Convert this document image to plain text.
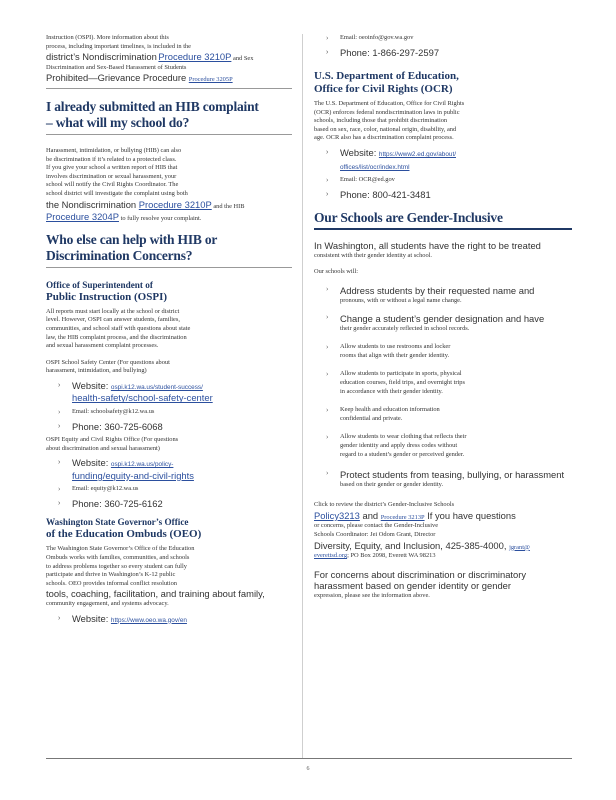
Instruction (OSPI). More information about this
process, including important timelines, is included in the
district’s Nondiscrimination Procedure 3210P and Sex
Discrimination and Sex-Based Harassment of Students
Prohibited—Grievance Procedure Procedure 3205P
I already submitted an HIB complaint
– what will my school do?
Harassment, intimidation, or bullying (HIB) can also
be discrimination if it’s related to a protected class.
If you give your school a written report of HIB that
involves discrimination or sexual harassment, your
school will notify the Civil Rights Coordinator. The
school district will investigate the complaint using both
the Nondiscrimination Procedure 3210P and the HIB
Procedure 3204P to fully resolve your complaint.
Who else can help with HIB or
Discrimination Concerns?
Office of Superintendent of
Public Instruction (OSPI)
All reports must start locally at the school or district
level. However, OSPI can answer students, families,
communities, and school staff with questions about state
law, the HIB complaint process, and the discrimination
and sexual harassment complaint processes.
OSPI School Safety Center (For questions about
harassment, intimidation, and bullying)
› Website: ospi.k12.wa.us/student-success/
health-safety/school-safety-center
› Email: schoolsafety@k12.wa.us
› Phone: 360-725-6068
OSPI Equity and Civil Rights Office (For questions
about discrimination and sexual harassment)
› Website: ospi.k12.wa.us/policy-
funding/equity-and-civil-rights
› Email: equity@k12.wa.us
› Phone: 360-725-6162
Washington State Governor’s Office
of the Education Ombuds (OEO)
The Washington State Governor’s Office of the Education
Ombuds works with families, communities, and schools
to address problems together so every student can fully
participate and thrive in Washington’s K-12 public
schools. OEO provides informal conflict resolution
tools, coaching, facilitation, and training about family,
community engagement, and systems advocacy.
› Website: https://www.oeo.wa.gov/en
› Email: oeoinfo@gov.wa.gov
› Phone: 1-866-297-2597
U.S. Department of Education,
Office for Civil Rights (OCR)
The U.S. Department of Education, Office for Civil Rights
(OCR) enforces federal nondiscrimination laws in public
schools, including those that prohibit discrimination
based on sex, race, color, national origin, disability, and
age. OCR also has a discrimination complaint process.
› Website: https://www2.ed.gov/about/
offices/list/ocr/index.html
› Email: OCR@ed.gov
› Phone: 800-421-3481
Our Schools are Gender-Inclusive
In Washington, all students have the right to be treated
consistent with their gender identity at school.
Our schools will:
› Address students by their requested name and
pronouns, with or without a legal name change.
› Change a student’s gender designation and have
their gender accurately reflected in school records.
› Allow students to use restrooms and locker
rooms that align with their gender identity.
› Allow students to participate in sports, physical
education courses, field trips, and overnight trips
in accordance with their gender identity.
› Keep health and education information
confidential and private.
› Allow students to wear clothing that reflects their
gender identity and apply dress codes without
regard to a student’s gender or perceived gender.
› Protect students from teasing, bullying, or harassment
based on their gender or gender identity.
Click to review the district’s Gender-Inclusive Schools
Policy3213 and Procedure 3213P If you have questions
or concerns, please contact the Gender-Inclusive
Schools Coordinator: Jei Odom Grant, Director
Diversity, Equity, and Inclusion, 425-385-4000, jgrant@
everettsd.org; PO Box 2098, Everett WA 98213
For concerns about discrimination or discriminatory
harassment based on gender identity or gender
expression, please see the information above.
6
